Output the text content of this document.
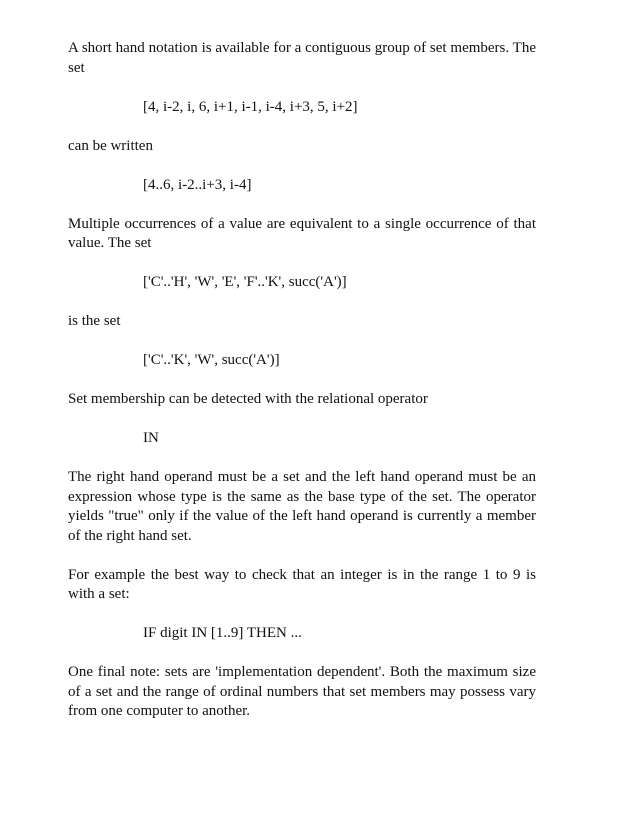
A short hand notation is available for a contiguous group of set members. The set

[4, i-2, i, 6, i+1, i-1, i-4, i+3, 5, i+2]

can be written

[4..6, i-2..i+3, i-4]

Multiple occurrences of a value are equivalent to a single occurrence of that value. The set

['C'..'H', 'W', 'E', 'F'..'K', succ('A')]

is the set

['C'..'K', 'W', succ('A')]

Set membership can be detected with the relational operator

IN

The right hand operand must be a set and the left hand operand must be an expression whose type is the same as the base type of the set. The operator yields "true" only if the value of the left hand operand is currently a member of the right hand set.

For example the best way to check that an integer is in the range 1 to 9 is with a set:

IF digit IN [1..9] THEN ...

One final note: sets are 'implementation dependent'. Both the maximum size of a set and the range of ordinal numbers that set members may possess vary from one computer to another.
